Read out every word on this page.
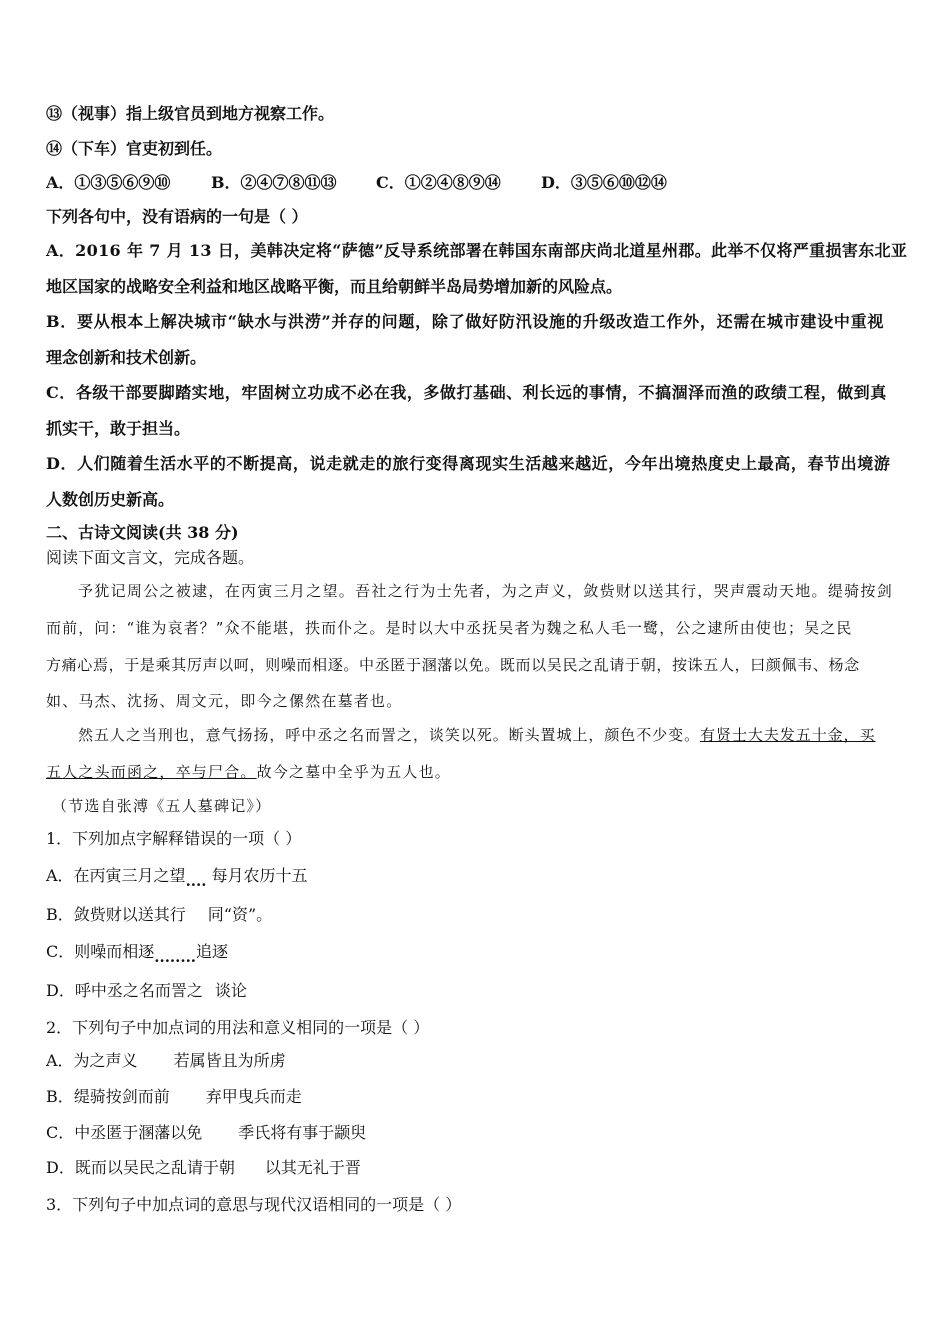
⑬（视事）指上级官员到地方视察工作。
⑭（下车）官吏初到任。
A．①③⑤⑥⑨⑩	B．②④⑦⑧⑪⑬ C．①②④⑧⑨⑭	D．③⑤⑥⑩⑫⑭
下列各句中，没有语病的一句是（ ）
A．2016 年 7 月 13 日，美韩决定将“萨德”反导系统部署在韩国东南部庆尚北道星州郡。此举不仅将严重损害东北亚
地区国家的战略安全利益和地区战略平衡，而且给朝鲜半岛局势增加新的风险点。
B．要从根本上解决城市“缺水与洪涝”并存的问题，除了做好防汛设施的升级改造工作外，还需在城市建设中重视
理念创新和技术创新。
C．各级干部要脚踏实地，牢固树立功成不必在我，多做打基础、利长远的事情，不搞涸泽而渔的政绩工程，做到真
抓实干，敢于担当。
D．人们随着生活水平的不断提高，说走就走的旅行变得离现实生活越来越近，今年出境热度史上最高，春节出境游
人数创历史新高。
二、古诗文阅读(共 38 分)
阅读下面文言文，完成各题。
予犹记周公之被逮，在丙寅三月之望。吾社之行为士先者，为之声义，敛赀财以送其行，哭声震动天地。缇骑按剑
而前，问：“谁为哀者？”众不能堪，抶而仆之。是时以大中丞抚吴者为魏之私人毛一鹭，公之逮所由使也；吴之民
方痛心焉，于是乘其厉声以呵，则噪而相逐。中丞匿于溷藩以免。既而以吴民之乱请于朝，按诛五人，曰颜佩韦、杨念
如、马杰、沈扬、周文元，即今之傫然在墓者也。
然五人之当刑也，意气扬扬，呼中丞之名而詈之，谈笑以死。断头置城上，颜色不少变。有贤士大夫发五十金，买
五人之头而函之，卒与尸合。故今之墓中全乎为五人也。
（节选自张溥《五人墓碑记》）
1．下列加点字解释错误的一项（ ）
A．在丙寅三月之望.... 每月农历十五
B．敛赀财以送其行 同“资”。
C．则噪而相逐........追逐
D．呼中丞之名而詈之 谈论
2．下列句子中加点词的用法和意义相同的一项是（ ）
A．为之声义 若属皆且为所虏
B．缇骑按剑而前 弃甲曳兵而走
C．中丞匿于溷藩以免 季氏将有事于颛臾
D．既而以吴民之乱请于朝 以其无礼于晋
3．下列句子中加点词的意思与现代汉语相同的一项是（ ）
